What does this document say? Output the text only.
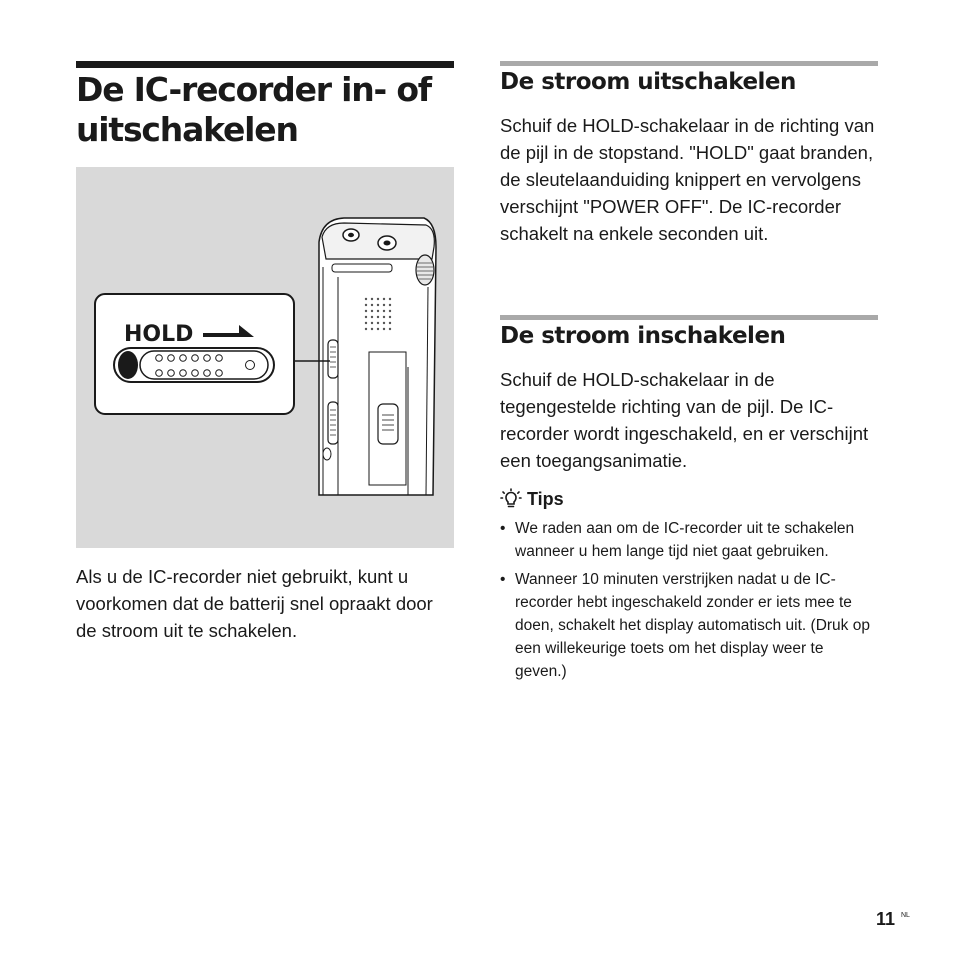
De IC-recorder in- of uitschakelen
HOLD

Als u de IC-recorder niet gebruikt, kunt u voorkomen dat de batterij snel opraakt door de stroom uit te schakelen.

De stroom uitschakelen

Schuif de HOLD-schakelaar in de richting van de pijl in de stopstand. "HOLD" gaat branden, de sleutelaanduiding knippert en vervolgens verschijnt "POWER OFF". De IC-recorder schakelt na enkele seconden uit.

De stroom inschakelen

Schuif de HOLD-schakelaar in de tegengestelde richting van de pijl. De IC-recorder wordt ingeschakeld, en er verschijnt een toegangsanimatie.

Tips
• We raden aan om de IC-recorder uit te schakelen wanneer u hem lange tijd niet gaat gebruiken.
• Wanneer 10 minuten verstrijken nadat u de IC-recorder hebt ingeschakeld zonder er iets mee te doen, schakelt het display automatisch uit. (Druk op een willekeurige toets om het display weer te geven.)
11 NL
